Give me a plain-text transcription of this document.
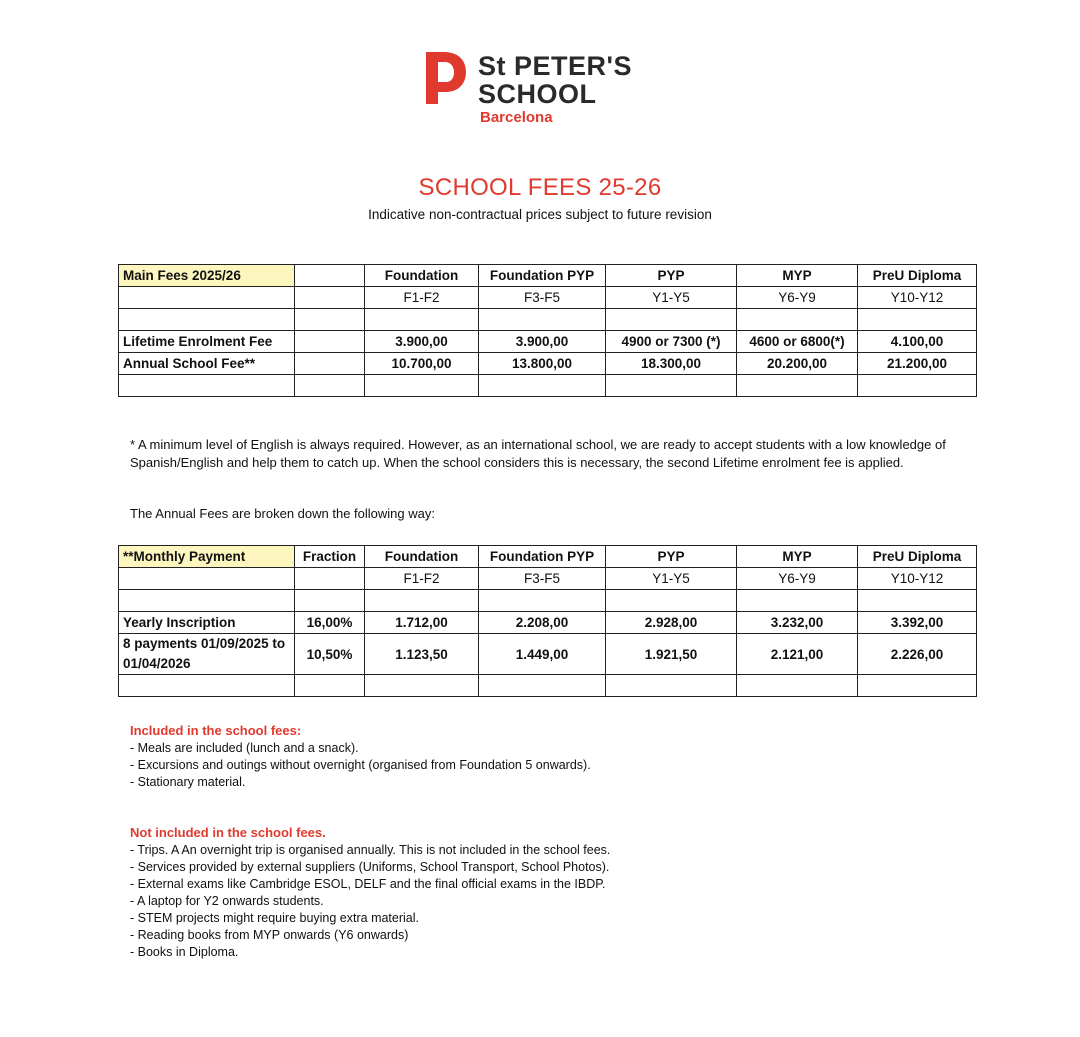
St PETER'S
SCHOOL
Barcelona
SCHOOL FEES 25-26
Indicative non-contractual prices subject to future revision
Main Fees 2025/26		Foundation	Foundation PYP	PYP	MYP	PreU Diploma
		F1-F2	F3-F5	Y1-Y5	Y6-Y9	Y10-Y12

Lifetime Enrolment Fee		3.900,00	3.900,00	4900 or 7300 (*)	4600 or 6800(*)	4.100,00
Annual School Fee**		10.700,00	13.800,00	18.300,00	20.200,00	21.200,00

* A minimum level of English is always required. However, as an international school, we are ready to accept students with a low knowledge of Spanish/English and help them to catch up. When the school considers this is necessary, the second Lifetime enrolment fee is applied.
The Annual Fees are broken down the following way:
**Monthly Payment	Fraction	Foundation	Foundation PYP	PYP	MYP	PreU Diploma
		F1-F2	F3-F5	Y1-Y5	Y6-Y9	Y10-Y12

Yearly Inscription	16,00%	1.712,00	2.208,00	2.928,00	3.232,00	3.392,00
8 payments 01/09/2025 to 01/04/2026	10,50%	1.123,50	1.449,00	1.921,50	2.121,00	2.226,00

Included in the school fees:
- Meals are included (lunch and a snack).
- Excursions and outings without overnight (organised from Foundation 5 onwards).
- Stationary material.
Not included in the school fees.
- Trips. A An overnight trip is organised annually. This is not included in the school fees.
- Services provided by external suppliers (Uniforms, School Transport, School Photos).
- External exams like Cambridge ESOL, DELF and the final official exams in the IBDP.
- A laptop for Y2 onwards students.
- STEM projects might require buying extra material.
- Reading books from MYP onwards (Y6 onwards)
- Books in Diploma.
